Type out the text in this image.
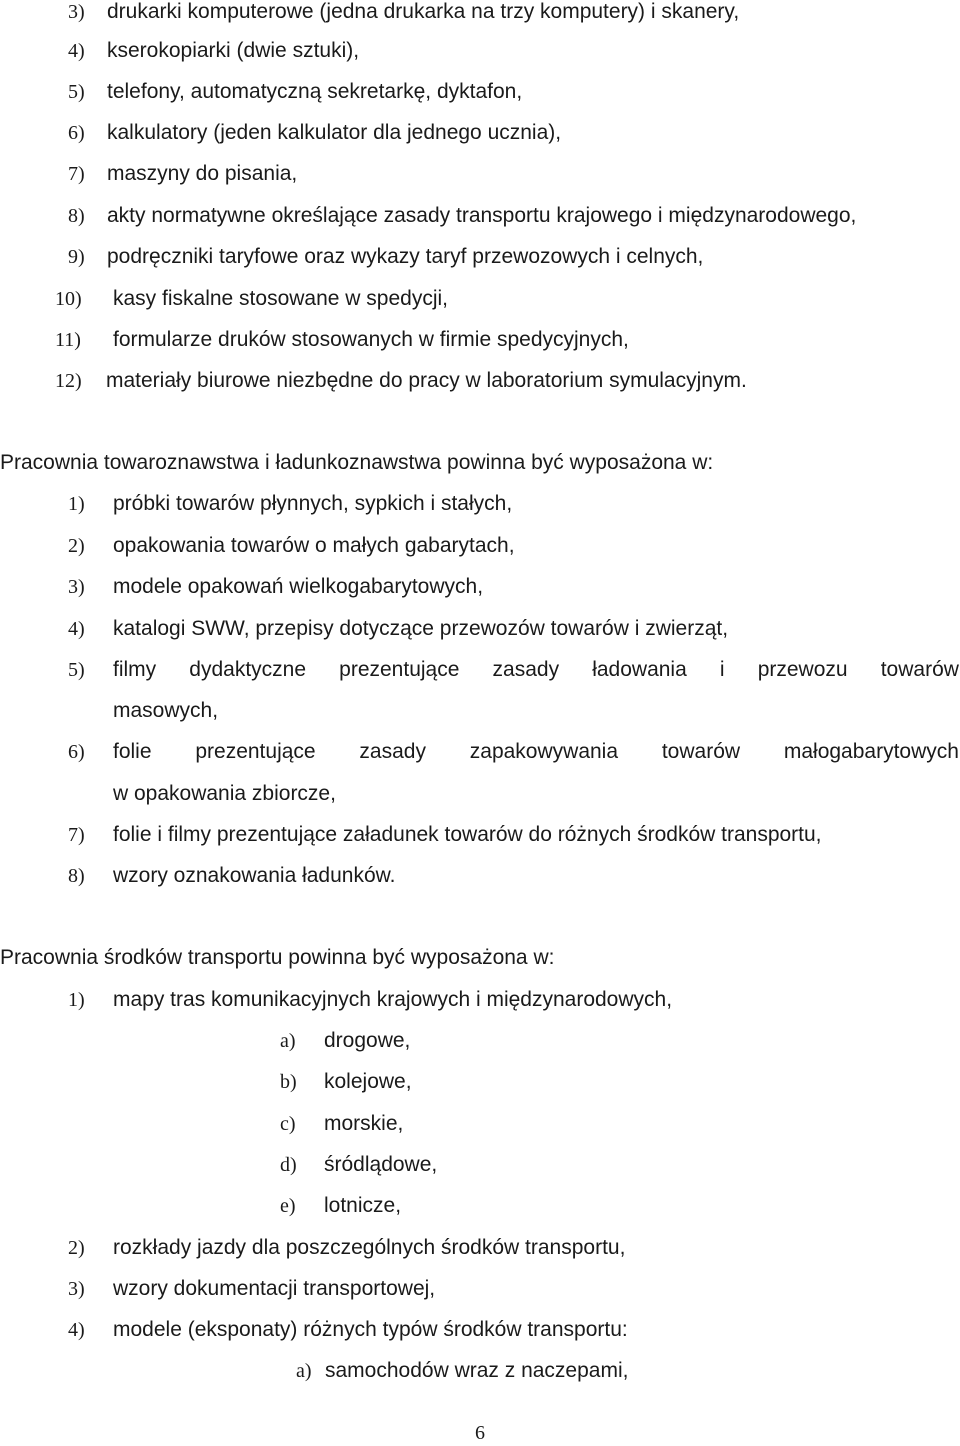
3) drukarki komputerowe (jedna drukarka na trzy komputery) i skanery,
4) kserokopiarki (dwie sztuki),
5) telefony, automatyczną sekretarkę, dyktafon,
6) kalkulatory (jeden kalkulator dla jednego ucznia),
7) maszyny do pisania,
8) akty normatywne określające zasady transportu krajowego i międzynarodowego,
9) podręczniki taryfowe oraz wykazy taryf przewozowych i celnych,
10) kasy fiskalne stosowane w spedycji,
11) formularze druków stosowanych w firmie spedycyjnych,
12) materiały biurowe niezbędne do pracy w laboratorium symulacyjnym.
Pracownia towaroznawstwa i ładunkoznawstwa powinna być wyposażona w:
1) próbki towarów płynnych, sypkich i stałych,
2) opakowania towarów o małych gabarytach,
3) modele opakowań wielkogabarytowych,
4) katalogi SWW, przepisy dotyczące przewozów towarów i zwierząt,
5)	filmy dydaktyczne prezentujące zasady ładowania i przewozu towarów
masowych,
6)	folie prezentujące zasady zapakowywania towarów małogabarytowych
w opakowania zbiorcze,
7) folie i filmy prezentujące załadunek towarów do różnych środków transportu,
8) wzory oznakowania ładunków.
Pracownia środków transportu powinna być wyposażona w:
1) mapy tras komunikacyjnych krajowych i międzynarodowych,
a) drogowe,
b) kolejowe,
c) morskie,
d) śródlądowe,
e) lotnicze,
2) rozkłady jazdy dla poszczególnych środków transportu,
3) wzory dokumentacji transportowej,
4) modele (eksponaty) różnych typów środków transportu:
a) samochodów wraz z naczepami,
6
